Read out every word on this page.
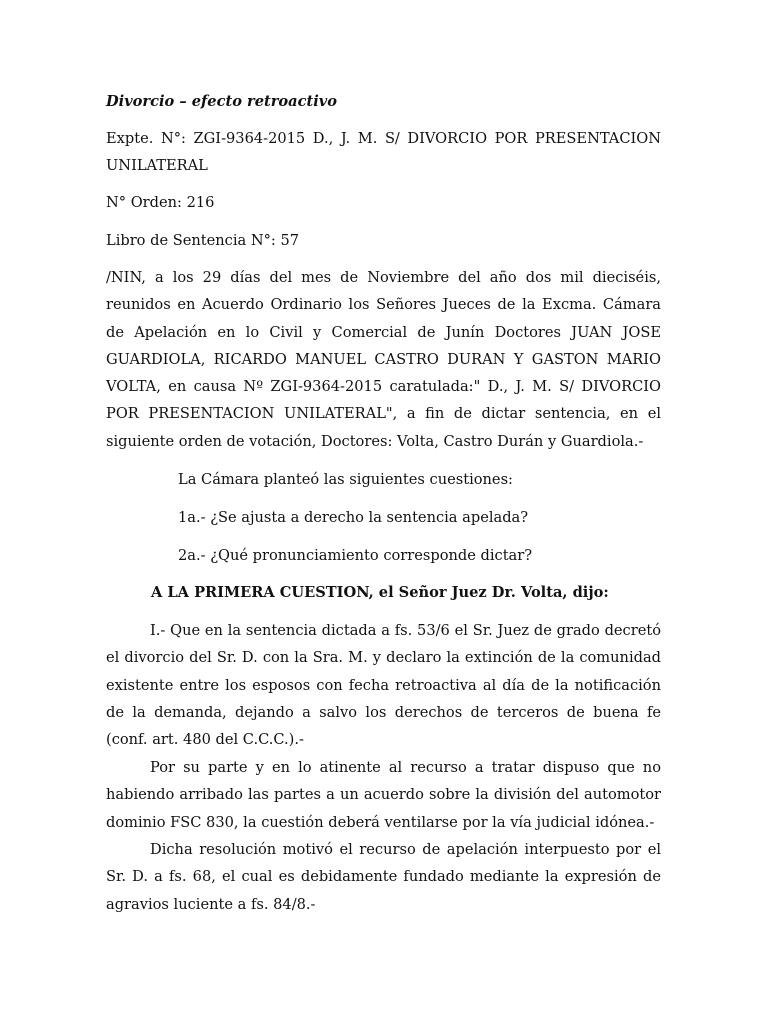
Divorcio – efecto retroactivo

Expte. N°: ZGI-9364-2015 D., J. M. S/ DIVORCIO POR PRESENTACION UNILATERAL

N° Orden: 216

Libro de Sentencia N°: 57

/NIN, a los 29 días del mes de Noviembre del año dos mil dieciséis, reunidos en Acuerdo Ordinario los Señores Jueces de la Excma. Cámara de Apelación en lo Civil y Comercial de Junín Doctores JUAN JOSE GUARDIOLA, RICARDO MANUEL CASTRO DURAN Y GASTON MARIO VOLTA, en causa Nº ZGI-9364-2015 caratulada:" D., J. M. S/ DIVORCIO POR PRESENTACION UNILATERAL", a fin de dictar sentencia, en el siguiente orden de votación, Doctores: Volta, Castro Durán y Guardiola.-

La Cámara planteó las siguientes cuestiones:

1a.- ¿Se ajusta a derecho la sentencia apelada?

2a.- ¿Qué pronunciamiento corresponde dictar?

A LA PRIMERA CUESTION, el Señor Juez Dr. Volta, dijo:

I.- Que en la sentencia dictada a fs. 53/6 el Sr. Juez de grado decretó el divorcio del Sr. D. con la Sra. M. y declaro la extinción de la comunidad existente entre los esposos con fecha retroactiva al día de la notificación de la demanda, dejando a salvo los derechos de terceros de buena fe (conf. art. 480 del C.C.C.).-

Por su parte y en lo atinente al recurso a tratar dispuso que no habiendo arribado las partes a un acuerdo sobre la división del automotor dominio FSC 830, la cuestión deberá ventilarse por la vía judicial idónea.-

Dicha resolución motivó el recurso de apelación interpuesto por el Sr. D. a fs. 68, el cual es debidamente fundado mediante la expresión de agravios luciente a fs. 84/8.-
